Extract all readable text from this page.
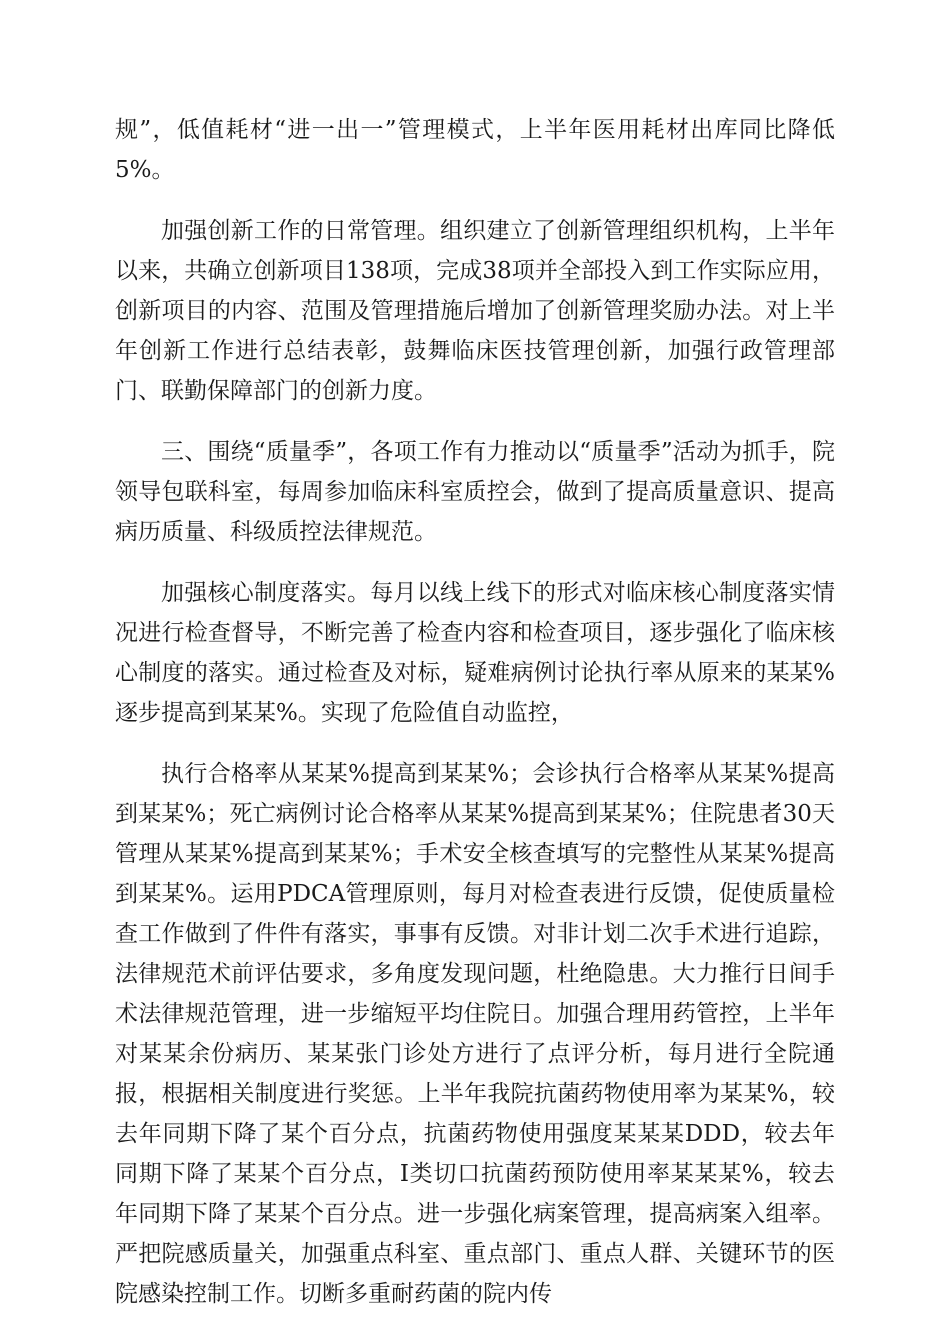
规”，低值耗材“进一出一”管理模式，上半年医用耗材出库同比降低5%。

加强创新工作的日常管理。组织建立了创新管理组织机构，上半年以来，共确立创新项目138项，完成38项并全部投入到工作实际应用，创新项目的内容、范围及管理措施后增加了创新管理奖励办法。对上半年创新工作进行总结表彰，鼓舞临床医技管理创新，加强行政管理部门、联勤保障部门的创新力度。

三、围绕“质量季”，各项工作有力推动以“质量季”活动为抓手，院领导包联科室，每周参加临床科室质控会，做到了提高质量意识、提高病历质量、科级质控法律规范。

加强核心制度落实。每月以线上线下的形式对临床核心制度落实情况进行检查督导，不断完善了检查内容和检查项目，逐步强化了临床核心制度的落实。通过检查及对标，疑难病例讨论执行率从原来的某某%逐步提高到某某%。实现了危险值自动监控，

执行合格率从某某%提高到某某%；会诊执行合格率从某某%提高到某某%；死亡病例讨论合格率从某某%提高到某某%；住院患者30天管理从某某%提高到某某%；手术安全核查填写的完整性从某某%提高到某某%。运用PDCA管理原则，每月对检查表进行反馈，促使质量检查工作做到了件件有落实，事事有反馈。对非计划二次手术进行追踪，法律规范术前评估要求，多角度发现问题，杜绝隐患。大力推行日间手术法律规范管理，进一步缩短平均住院日。加强合理用药管控，上半年对某某余份病历、某某张门诊处方进行了点评分析，每月进行全院通报，根据相关制度进行奖惩。上半年我院抗菌药物使用率为某某%，较去年同期下降了某个百分点，抗菌药物使用强度某某某DDD，较去年同期下降了某某个百分点，Ⅰ类切口抗菌药预防使用率某某某%，较去年同期下降了某某个百分点。进一步强化病案管理，提高病案入组率。严把院感质量关，加强重点科室、重点部门、重点人群、关键环节的医院感染控制工作。切断多重耐药菌的院内传
